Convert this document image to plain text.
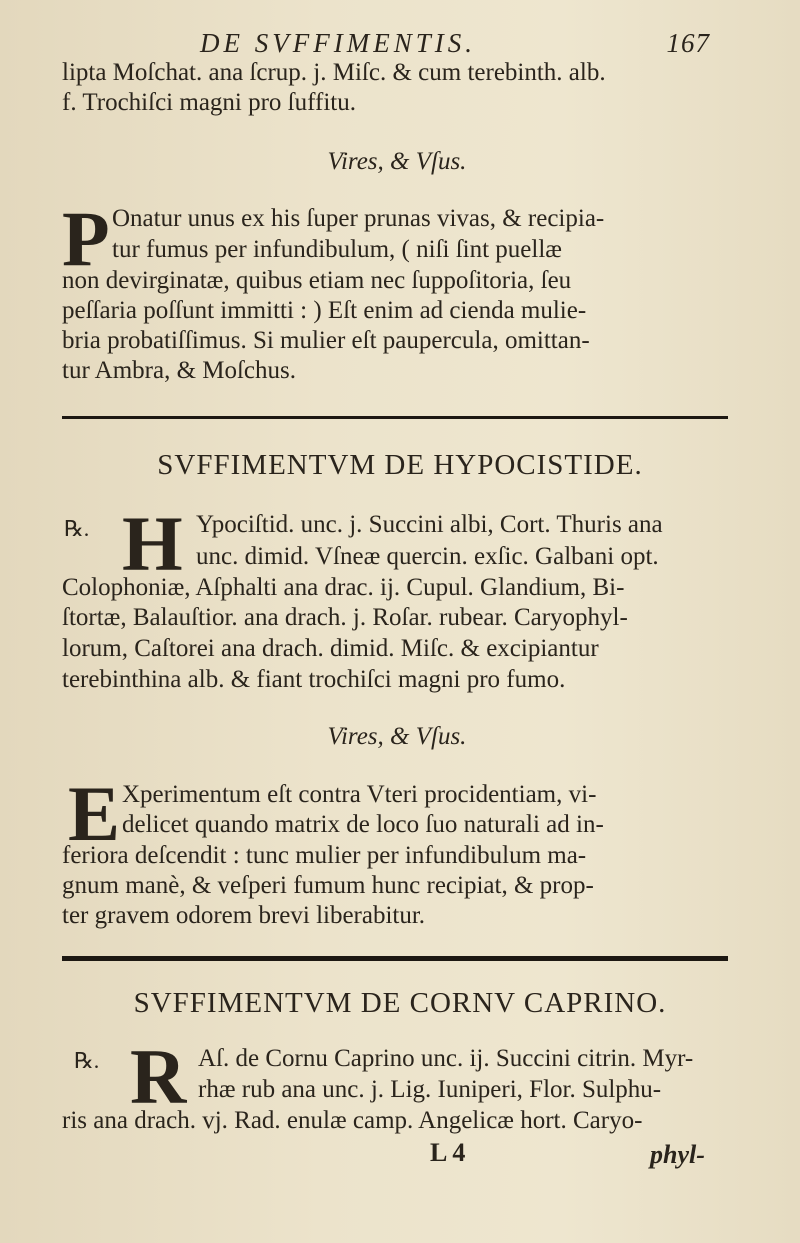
DE SVFFIMENTIS.	167
lipta Moſchat. ana ſcrup. j. Miſc. & cum terebinth. alb.
f. Trochiſci magni pro ſuffitu.
Vires, & Vſus.
P Onatur unus ex his ſuper prunas vivas, & recipia-
tur fumus per infundibulum, ( niſi ſint puellæ
non devirginatæ, quibus etiam nec ſuppoſitoria, ſeu
peſſaria poſſunt immitti : ) Eſt enim ad cienda mulie-
bria probatiſſimus. Si mulier eſt paupercula, omittan-
tur Ambra, & Moſchus.
SVFFIMENTVM DE HYPOCISTIDE.
℞. H Ypociſtid. unc. j. Succini albi, Cort. Thuris ana
unc. dimid. Vſneæ quercin. exſic. Galbani opt.
Colophoniæ, Aſphalti ana drac. ij. Cupul. Glandium, Bi-
ſtortæ, Balauſtior. ana drach. j. Roſar. rubear. Caryophyl-
lorum, Caſtorei ana drach. dimid. Miſc. & excipiantur
terebinthina alb. & fiant trochiſci magni pro fumo.
Vires, & Vſus.
E Xperimentum eſt contra Vteri procidentiam, vi-
delicet quando matrix de loco ſuo naturali ad in-
feriora deſcendit : tunc mulier per infundibulum ma-
gnum manè, & veſperi fumum hunc recipiat, & prop-
ter gravem odorem brevi liberabitur.
SVFFIMENTVM DE CORNV CAPRINO.
℞. R Aſ. de Cornu Caprino unc. ij. Succini citrin. Myr-
rhæ rub ana unc. j. Lig. Iuniperi, Flor. Sulphu-
ris ana drach. vj. Rad. enulæ camp. Angelicæ hort. Caryo-
L 4	phyl-
